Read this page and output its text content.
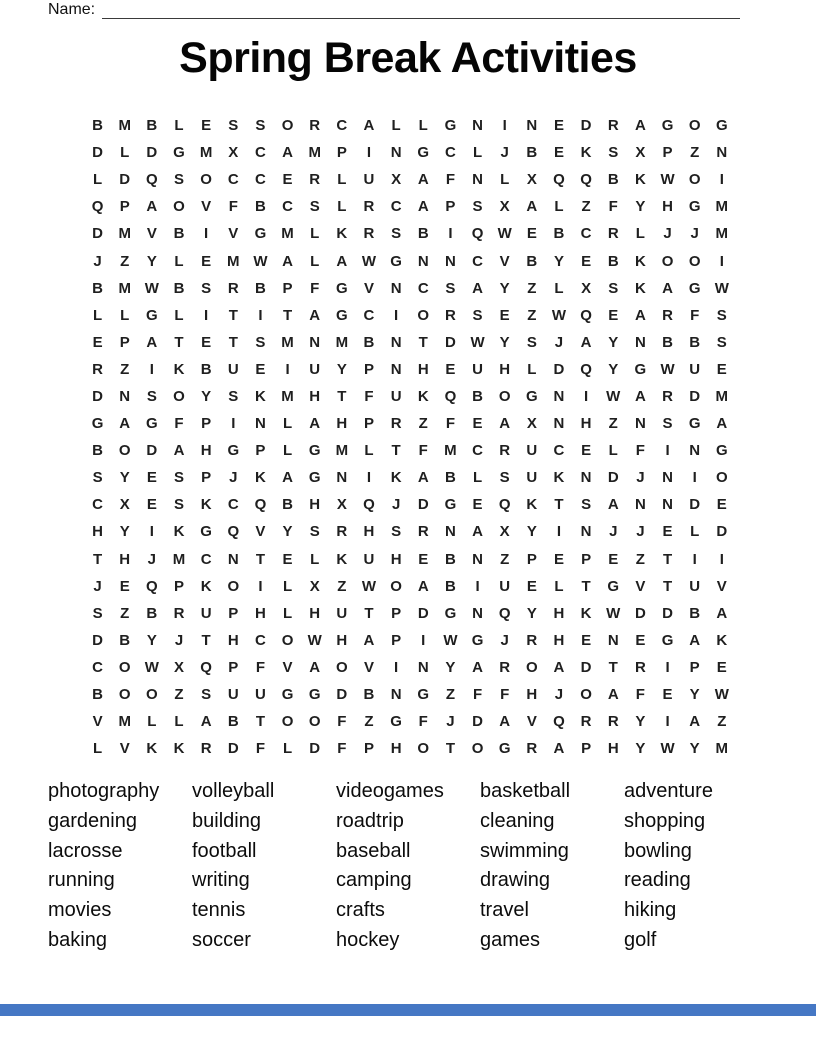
Name:
Spring Break Activities
B	M	B	L	E	S	S	O	R	C	A	L	L	G	N	I	N	E	D	R	A	G	O	G
D	L	D	G	M	X	C	A	M	P	I	N	G	C	L	J	B	E	K	S	X	P	Z	N
L	D	Q	S	O	C	C	E	R	L	U	X	A	F	N	L	X	Q	Q	B	K W O	I
Q	P	A	O	V	F	B	C	S	L	R	C	A	P	S	X	A	L	Z	F	Y	H	G	M
D	M	V	B	I	V	G	M	L	K	R	S	B	I	Q W	E	B	C	R	L	J	J	M
J	Z	Y	L	E	M W A	L	A W G	N	N	C	V	B	Y	E	B	K	O	O	I
B	M W B	S	R	B	P	F	G	V	N	C	S	A	Y	Z	L	X	S	K	A	G W
L	L	G	L	I	T	I	T	A	G	C	I	O	R	S	E	Z	W Q	E	A	R	F	S
E	P	A	T	E	T	S	M	N	M	B	N	T	D W	Y	S	J	A	Y	N	B	B	S
R	Z	I	K	B	U	E	I	U	Y	P	N	H	E	U	H	L	D	Q	Y	G W U	E
D	N	S	O	Y	S	K	M	H	T	F	U	K	Q	B	O	G	N	I	W A	R	D	M
G	A	G	F	P	I	N	L	A	H	P	R	Z	F	E	A	X	N	H	Z	N	S	G	A
B	O	D	A	H	G	P	L	G	M	L	T	F	M	C	R	U	C	E	L	F	I	N	G
S	Y	E	S	P	J	K	A	G	N	I	K	A	B	L	S	U	K	N	D	J	N	I	O
C	X	E	S	K	C	Q	B	H	X	Q	J	D	G	E	Q	K	T	S	A	N	N	D	E
H	Y	I	K	G	Q	V	Y	S	R	H	S	R	N	A	X	Y	I	N	J	J	E	L	D
T	H	J	M	C	N	T	E	L	K	U	H	E	B	N	Z	P	E	P	E	Z	T	I	I
J	E	Q	P	K	O	I	L	X	Z	W O	A	B	I	U	E	L	T	G	V	T	U	V
S	Z	B	R	U	P	H	L	H	U	T	P	D	G	N	Q	Y	H	K W D	D	B	A
D	B	Y	J	T	H	C	O W H	A	P	I	W G	J	R	H	E	N	E	G	A	K
C	O W	X	Q	P	F	V	A	O	V	I	N	Y	A	R	O	A	D	T	R	I	P	E
B	O	O	Z	S	U	U	G	G	D	B	N	G	Z	F	F	H	J	O	A	F	E	Y	W
V	M	L	L	A	B	T	O	O	F	Z	G	F	J	D	A	V	Q	R	R	Y	I	A	Z
L	V	K	K	R	D	F	L	D	F	P	H	O	T	O	G	R	A	P	H	Y	W	Y	M
photography
gardening
lacrosse
running
movies
baking
volleyball
building
football
writing
tennis
soccer
videogames
roadtrip
baseball
camping
crafts
hockey
basketball
cleaning
swimming
drawing
travel
games
adventure
shopping
bowling
reading
hiking
golf
